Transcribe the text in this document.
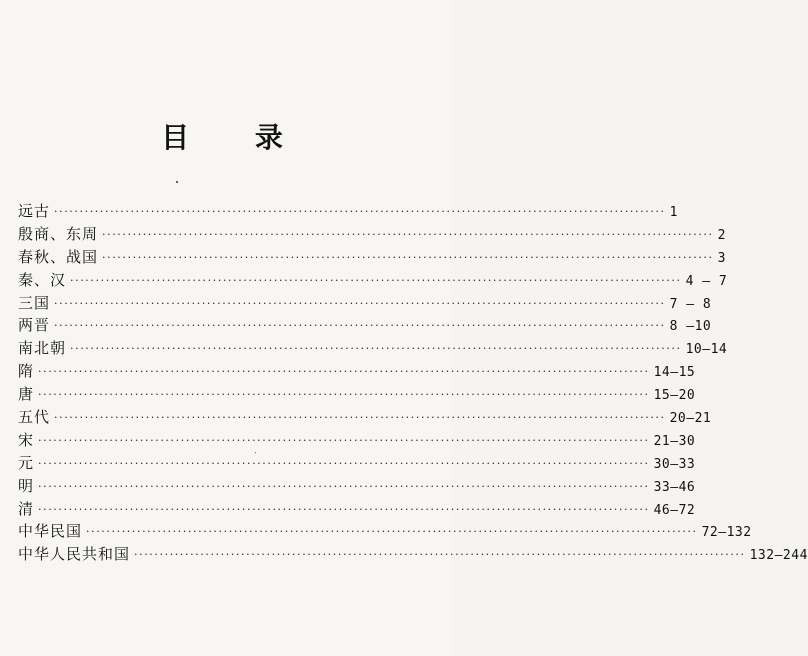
目 录
远古 ························································································································ 1
殷商、东周 ························································································································ 2
春秋、战国 ························································································································ 3
秦、汉 ························································································································ 4 — 7
三国 ························································································································ 7 — 8
两晋 ························································································································ 8 —10
南北朝 ························································································································ 10—14
隋 ························································································································ 14—15
唐 ························································································································ 15—20
五代 ························································································································ 20—21
宋 ························································································································ 21—30
元 ························································································································ 30—33
明 ························································································································ 33—46
清 ························································································································ 46—72
中华民国 ························································································································ 72—132
中华人民共和国 ························································································································ 132—244
